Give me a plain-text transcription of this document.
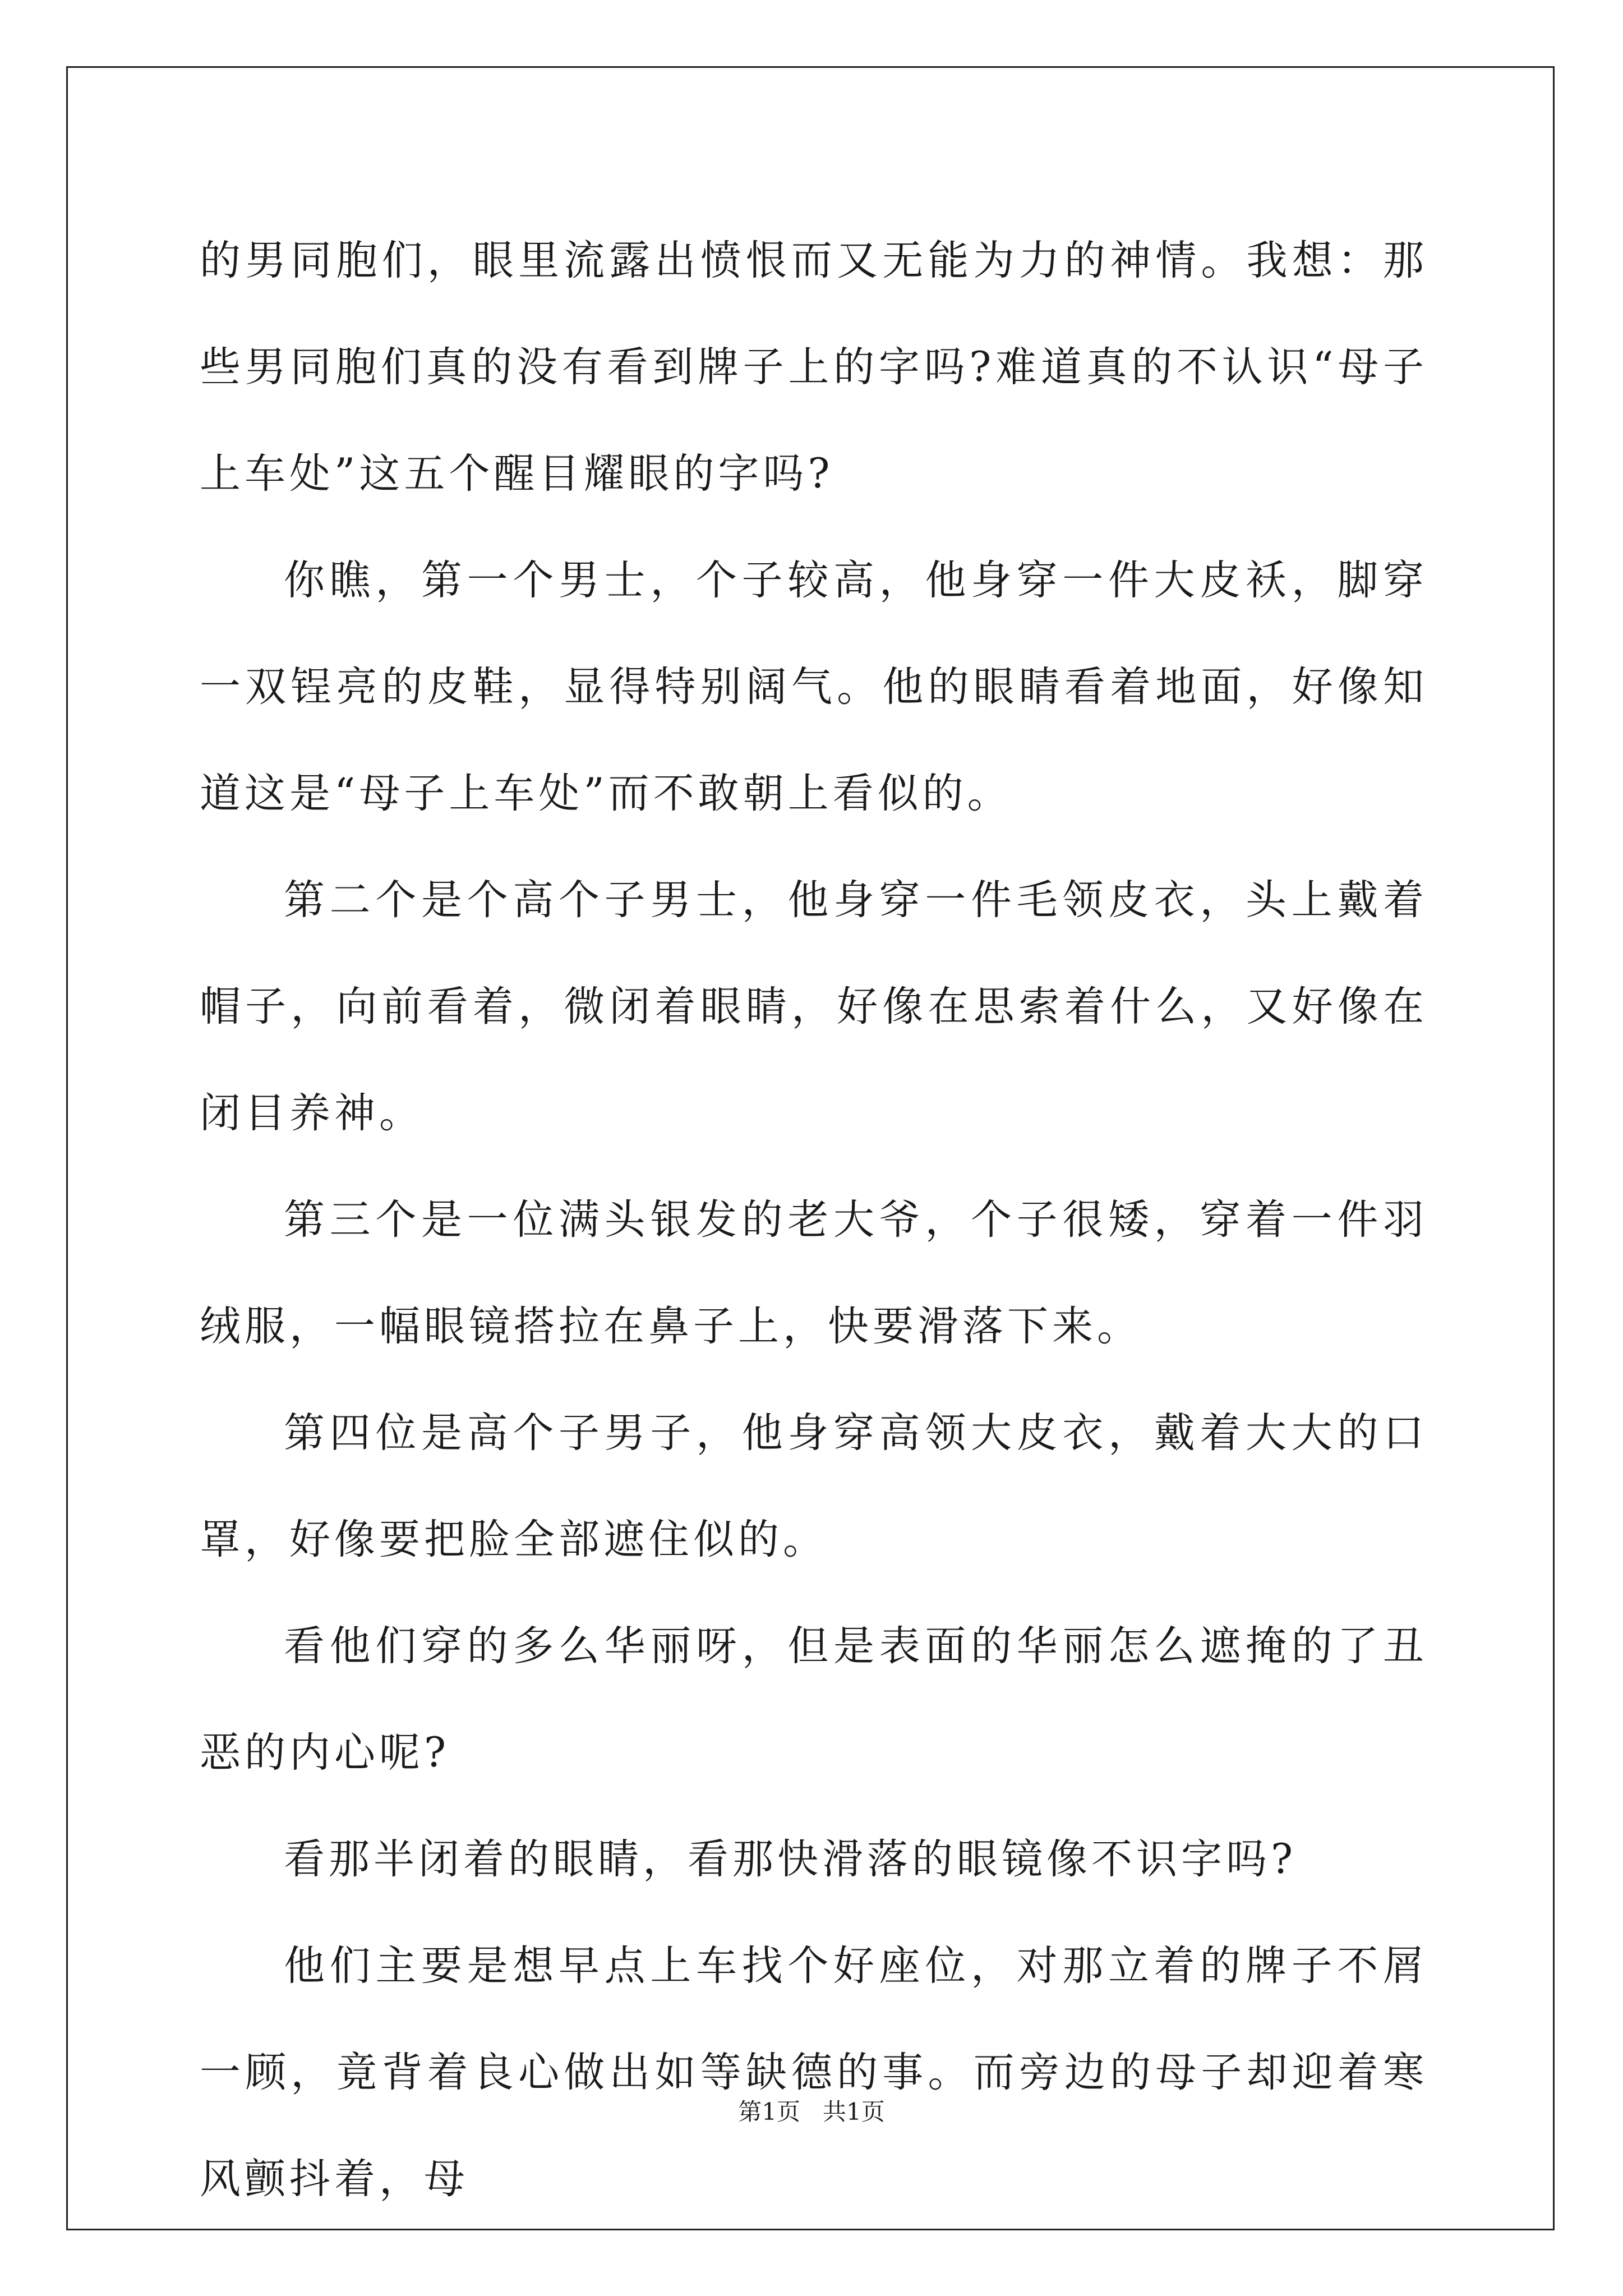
的男同胞们，眼里流露出愤恨而又无能为力的神情。我想：那些男同胞们真的没有看到牌子上的字吗?难道真的不认识“母子上车处”这五个醒目耀眼的字吗?

你瞧，第一个男士，个子较高，他身穿一件大皮袄，脚穿一双锃亮的皮鞋，显得特别阔气。他的眼睛看着地面，好像知道这是“母子上车处”而不敢朝上看似的。

第二个是个高个子男士，他身穿一件毛领皮衣，头上戴着帽子，向前看着，微闭着眼睛，好像在思索着什么，又好像在闭目养神。

第三个是一位满头银发的老大爷，个子很矮，穿着一件羽绒服，一幅眼镜搭拉在鼻子上，快要滑落下来。

第四位是高个子男子，他身穿高领大皮衣，戴着大大的口罩，好像要把脸全部遮住似的。

看他们穿的多么华丽呀，但是表面的华丽怎么遮掩的了丑恶的内心呢?

看那半闭着的眼睛，看那快滑落的眼镜像不识字吗?

他们主要是想早点上车找个好座位，对那立着的牌子不屑一顾，竟背着良心做出如等缺德的事。而旁边的母子却迎着寒风颤抖着，母

第1页 共1页
